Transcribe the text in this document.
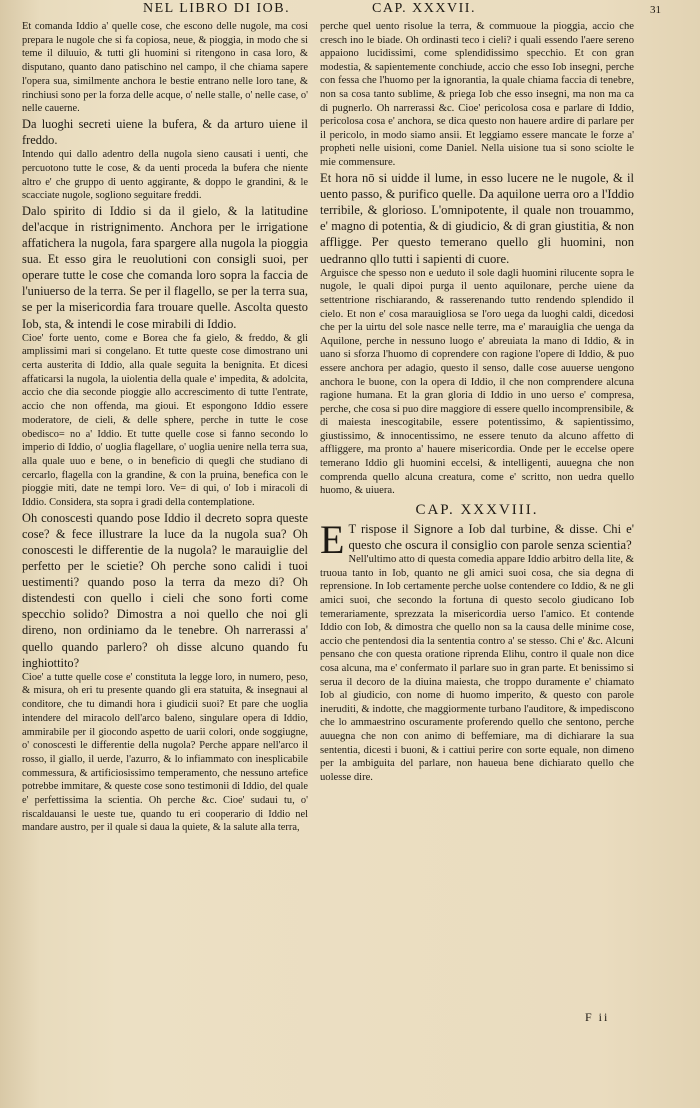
NEL LIBRO DI IOB.	CAP. XXXVII.	31

Et comanda Iddio a' quelle cose, che escono delle nugole, ma cosi prepara le nugole che si fa copiosa, neue, & pioggia, in modo che si teme il diluuio, & tutti gli huomini si ritengono in casa loro, & disputano, quanto dano patischino nel campo, il che chiama sapere l'opera sua, similmente anchora le bestie entrano nelle loro tane, & rinchiusi sono per la forza delle acque, o' nelle stalle, o' nelle case, o' nelle cauerne.

Da luoghi secreti uiene la bufera, & da arturo uiene il freddo.

Intendo qui dallo adentro della nugola sieno causati i uenti, che percuotono tutte le cose, & da uenti proceda la bufera che niente altro e' che gruppo di uento aggirante, & doppo le grandini, & le scacciate nugole, sogliono seguitare freddi.

Dalo spirito di Iddio si da il gielo, & la latitudine del'acque in ristrignimento. Anchora per le irrigatione affatichera la nugola, fara spargere alla nugola la pioggia sua. Et esso gira le reuolutioni con consigli suoi, per operare tutte le cose che comanda loro sopra la faccia de l'uniuerso de la terra. Se per il flagello, se per la terra sua, se per la misericordia fara trouare quelle. Ascolta questo Iob, sta, & intendi le cose mirabili di Iddio.

Cioe' forte uento, come e Borea che fa gielo, & freddo, & gli amplissimi mari si congelano. Et tutte queste cose dimostrano uni certa austerita di Iddio, alla quale seguita la benignita. Et dicesi affaticarsi la nugola, la uiolentia della quale e' impedita, & adolcita, accio che dia seconde pioggie allo accrescimento di tutte l'entrate, accio che non offenda, ma gioui. Et espongono Iddio essere moderatore, de cieli, & delle sphere, perche in tutte le cose obedisco= no a' Iddio. Et tutte quelle cose si fanno secondo lo imperio di Iddio, o' uoglia flagellare, o' uoglia uenire nella terra sua, alla quale uuo e bene, o in beneficio di quegli che studiano di cercarlo, flagella con la grandine, & con la pruina, benefica con le pioggie miti, date ne tempi loro. Ve= di qui, o' Iob i miracoli di Iddio. Considera, sta sopra i gradi della contemplatione.

Oh conoscesti quando pose Iddio il decreto sopra queste cose? & fece illustrare la luce da la nugola sua? Oh conoscesti le differentie de la nugola? le marauiglie del perfetto per le scietie? Oh perche sono calidi i tuoi uestimenti? quando poso la terra da mezo di? Oh distendesti con quello i cieli che sono forti come specchio solido? Dimostra a noi quello che noi gli direno, non ordiniamo da le tenebre. Oh narrerassi a' quello quando parlero? oh disse alcuno quando fu inghiottito?

Cioe' a tutte quelle cose e' constituta la legge loro, in numero, peso, & misura, oh eri tu presente quando gli era statuita, & insegnaui al conditore, che tu dimandi hora i giudicii suoi? Et pare che uoglia intendere del miracolo dell'arco baleno, singulare opera di Iddio, ammirabile per il giocondo aspetto de uarii colori, onde soggiugne, o' conoscesti le differentie della nugola? Perche appare nell'arco il rosso, il giallo, il uerde, l'azurro, & lo infiammato con inesplicabile commessura, & artificiosissimo temperamento, che nessuno artefice potrebbe immitare, & queste cose sono testimonii di Iddio, del quale e' perfettissima la scientia. Oh perche &c. Cioe' sudaui tu, o' riscaldauansi le ueste tue, quando tu eri cooperario di Iddio nel mandare austro, per il quale si daua la quiete, & la salute alla terra,

perche quel uento risolue la terra, & commuoue la pioggia, accio che cresch ino le biade. Oh ordinasti teco i cieli? i quali essendo l'aere sereno appaiono lucidissimi, come splendidissimo specchio. Et con gran modestia, & sapientemente conchiude, accio che esso Iob insegni, perche con fessa che l'huomo per la ignorantia, la quale chiama faccia di tenebre, non sa cosa tanto sublime, & priega Iob che esso insegni, ma non ma ca di pugnerlo. Oh narrerassi &c. Cioe' pericolosa cosa e parlare di Iddio, pericolosa cosa e' anchora, se dica questo non hauere ardire di parlare per il pericolo, in modo siamo ansii. Et leggiamo essere mancate le forze a' propheti nelle uisioni, come Daniel. Nella uisione tua si sono sciolte le mie commensure.

Et hora nō si uidde il lume, in esso lucere ne le nugole, & il uento passo, & purifico quelle. Da aquilone uerra oro a l'Iddio terribile, & glorioso. L'omnipotente, il quale non trouammo, e' magno di potentia, & di giudicio, & di gran giustitia, & non affligge. Per questo temerano quello gli huomini, non uedranno qllo tutti i sapienti di cuore.

Arguisce che spesso non e ueduto il sole dagli huomini rilucente sopra le nugole, le quali dipoi purga il uento aquilonare, perche uiene da settentrione rischiarando, & rasserenando tutto rendendo splendido il cielo. Et non e' cosa marauigliosa se l'oro uega da luoghi caldi, dicedosi che per la uirtu del sole nasce nelle terre, ma e' marauiglia che uenga da Aquilone, perche in nessuno luogo e' abreuiata la mano di Iddio, & in uano si sforza l'huomo di coprendere con ragione l'opere di Iddio, & puo essere anchora per adagio, questo il senso, dalle cose auuerse uengono anchora le buone, con la opera di Iddio, il che non comprendere alcuna ragione humana. Et la gran gloria di Iddio in uno uerso e' compresa, perche, che cosa si puo dire maggiore di essere quello incomprensibile, & di maiesta inescogitabile, essere potentissimo, & sapientissimo, giustissimo, & innocentissimo, ne essere tenuto da alcuno affetto di affliggere, ma pronto a' hauere misericordia. Onde per le eccelse opere temerano Iddio gli huomini eccelsi, & intelligenti, auuegna che non comprenda quello alcuna creatura, come e' scritto, non uedra quello huomo, & uiuera.

CAP. XXXVIII.

E T rispose il Signore a Iob dal turbine, & disse. Chi e' questo che oscura il consiglio con parole senza scientia?

Nell'ultimo atto di questa comedia appare Iddio arbitro della lite, & truoua tanto in Iob, quanto ne gli amici suoi cosa, che sia degna di reprensione. In Iob certamente perche uolse contendere co Iddio, & ne gli amici suoi, che secondo la fortuna di questo secolo giudicano Iob temerariamente, sprezzata la misericordia uerso l'amico. Et contende Iddio con Iob, & dimostra che quello non sa la causa delle minime cose, accio che pentendosi dia la sententia contro a' se stesso. Chi e' &c. Alcuni pensano che con questa oratione riprenda Elihu, contro il quale non dice cosa alcuna, ma e' confermato il parlare suo in gran parte. Et benissimo si serua il decoro de la diuina maiesta, che troppo duramente e' chiamato Iob al giudicio, con nome di huomo imperito, & questo con parole ineruditi, & indotte, che maggiormente turbano l'auditore, & impediscono che lo ammaestrino oscuramente proferendo quello che sentono, perche auuegna che non con animo di beffemiare, ma di dichiarare la sua sententia, dicesti i buoni, & i cattiui perire con sorte equale, non dimeno per la ambiguita del parlare, non haueua bene dichiarato quello che uolesse dire.

F ii
